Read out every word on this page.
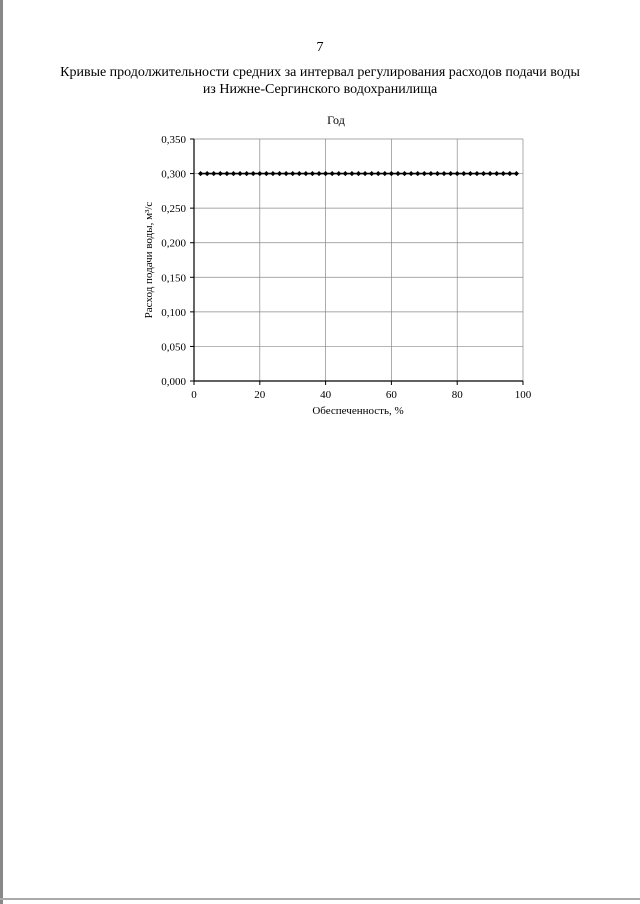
7
Кривые продолжительности средних за интервал регулирования расходов подачи воды
из Нижне-Сергинского водохранилища
Год
0,000
0,050
0,100
0,150
0,200
0,250
0,300
0,350
0	20	40	60	80	100
Обеспеченность, %
Расход подачи воды, м³/с
